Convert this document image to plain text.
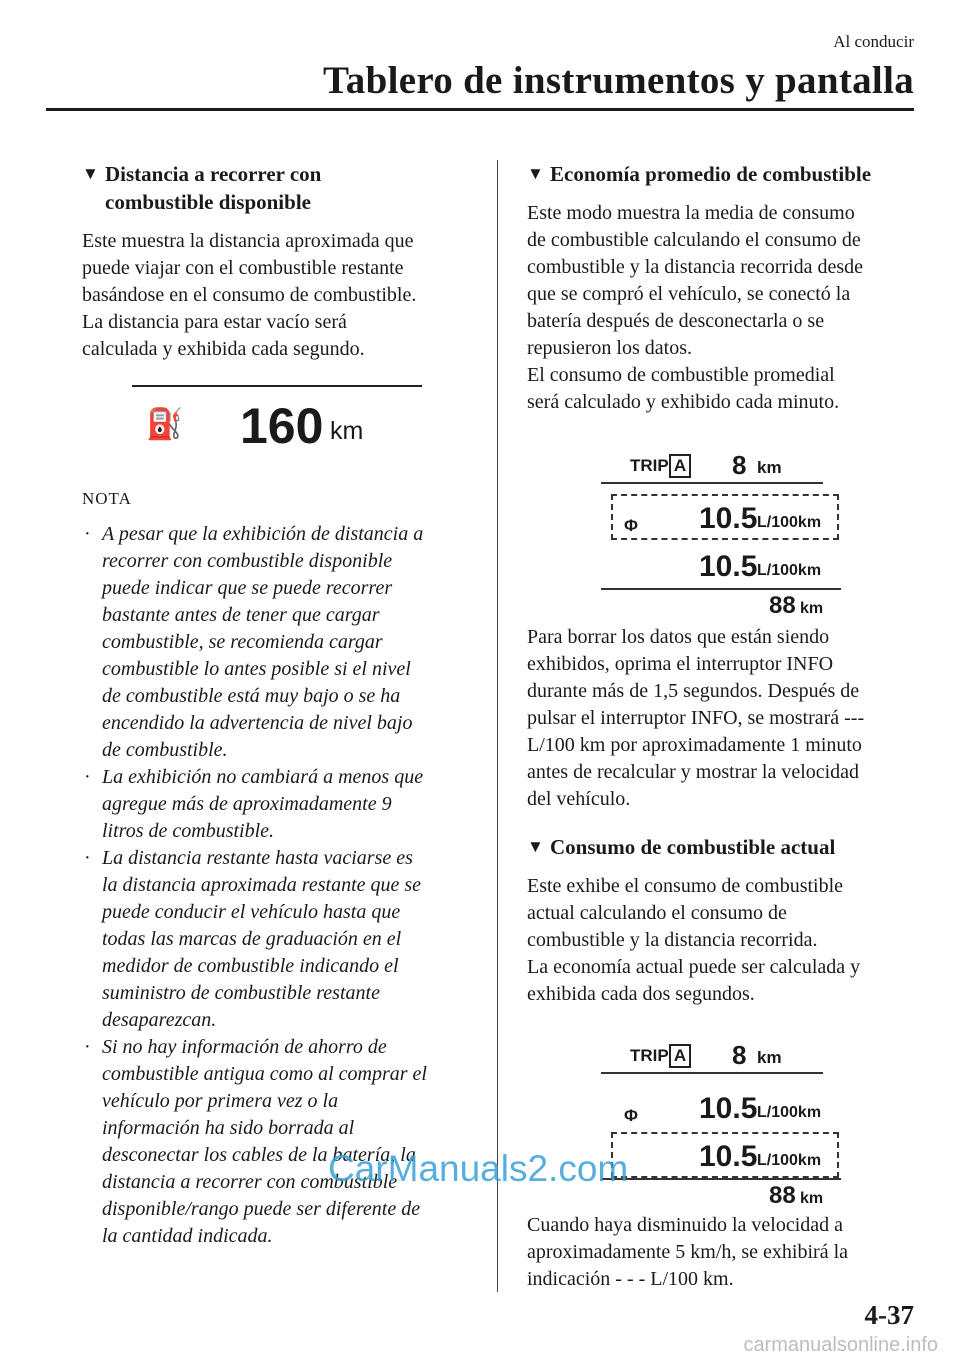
Al conducir
Tablero de instrumentos y pantalla
▼ Distancia a recorrer con
combustible disponible
Este muestra la distancia aproximada que
puede viajar con el combustible restante
basándose en el consumo de combustible.
La distancia para estar vacío será
calculada y exhibida cada segundo.
⛽ 160 km
NOTA
· A pesar que la exhibición de distancia a
recorrer con combustible disponible
puede indicar que se puede recorrer
bastante antes de tener que cargar
combustible, se recomienda cargar
combustible lo antes posible si el nivel
de combustible está muy bajo o se ha
encendido la advertencia de nivel bajo
de combustible.
· La exhibición no cambiará a menos que
agregue más de aproximadamente 9
litros de combustible.
· La distancia restante hasta vaciarse es
la distancia aproximada restante que se
puede conducir el vehículo hasta que
todas las marcas de graduación en el
medidor de combustible indicando el
suministro de combustible restante
desaparezcan.
· Si no hay información de ahorro de
combustible antigua como al comprar el
vehículo por primera vez o la
información ha sido borrada al
desconectar los cables de la batería, la
distancia a recorrer con combustible
disponible/rango puede ser diferente de
la cantidad indicada.
▼ Economía promedio de combustible
Este modo muestra la media de consumo
de combustible calculando el consumo de
combustible y la distancia recorrida desde
que se compró el vehículo, se conectó la
batería después de desconectarla o se
repusieron los datos.
El consumo de combustible promedial
será calculado y exhibido cada minuto.
TRIP A 8 km
Φ 10.5 L/100km
10.5 L/100km
88 km
Para borrar los datos que están siendo
exhibidos, oprima el interruptor INFO
durante más de 1,5 segundos. Después de
pulsar el interruptor INFO, se mostrará ---
L/100 km por aproximadamente 1 minuto
antes de recalcular y mostrar la velocidad
del vehículo.
▼ Consumo de combustible actual
Este exhibe el consumo de combustible
actual calculando el consumo de
combustible y la distancia recorrida.
La economía actual puede ser calculada y
exhibida cada dos segundos.
TRIP A 8 km
Φ 10.5 L/100km
10.5 L/100km
88 km
Cuando haya disminuido la velocidad a
aproximadamente 5 km/h, se exhibirá la
indicación - - - L/100 km.
4-37
CarManuals2.com
carmanualsonline.info
